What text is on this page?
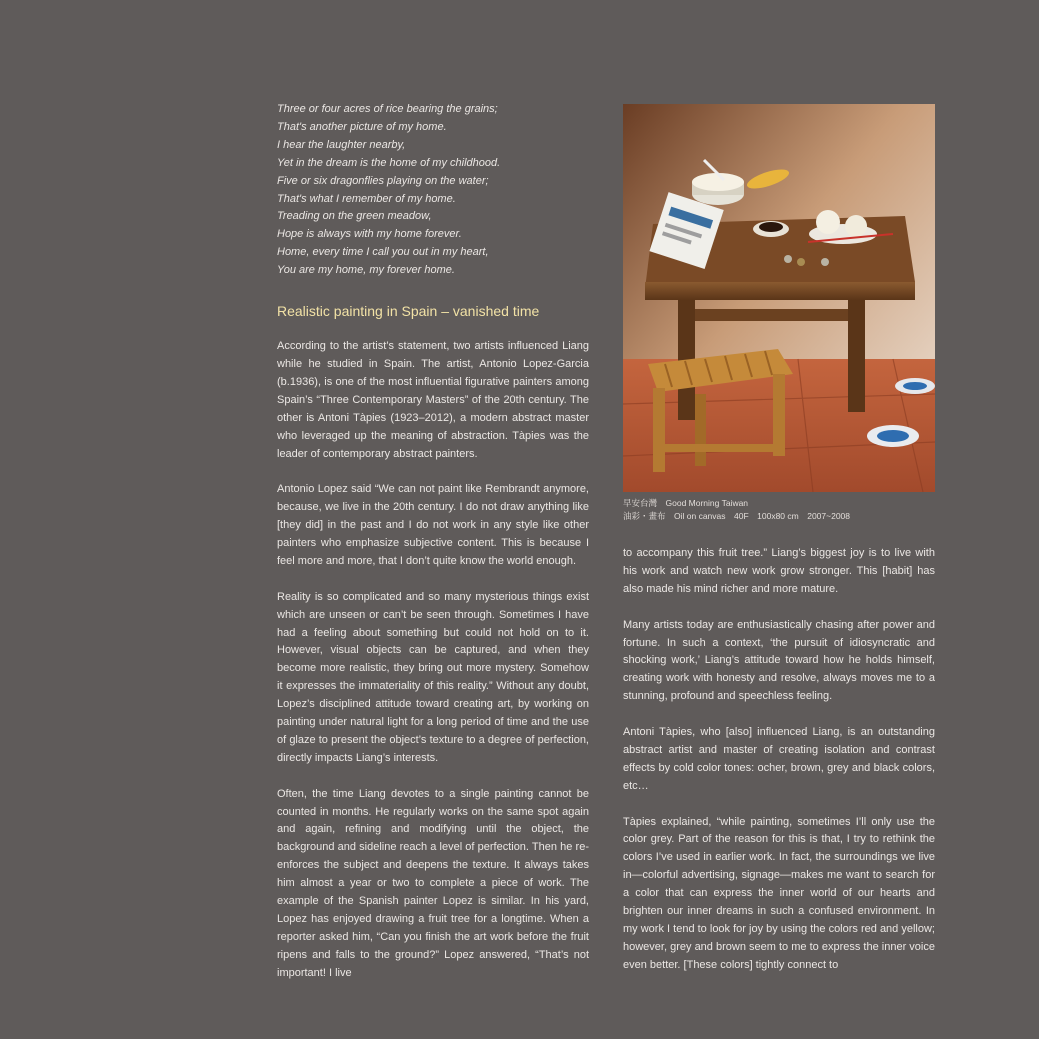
Three or four acres of rice bearing the grains;

That's another picture of my home.

I hear the laughter nearby,

Yet in the dream is the home of my childhood.

Five or six dragonflies playing on the water;

That's what I remember of my home.

Treading on the green meadow,

Hope is always with my home forever.

Home, every time I call you out in my heart,

You are my home, my forever home.

Realistic painting in Spain – vanished time

According to the artist’s statement, two artists influenced Liang while he studied in Spain. The artist, Antonio Lopez-Garcia (b.1936), is one of the most influential figurative painters among Spain’s “Three Contemporary Masters” of the 20th century. The other is Antoni Tàpies (1923–2012), a modern abstract master who leveraged up the meaning of abstraction. Tàpies was the leader of contemporary abstract painters.

Antonio Lopez said “We can not paint like Rembrandt anymore, because, we live in the 20th century. I do not draw anything like [they did] in the past and I do not work in any style like other painters who emphasize subjective content. This is because I feel more and more, that I don’t quite know the world enough.

Reality is so complicated and so many mysterious things exist which are unseen or can’t be seen through. Sometimes I have had a feeling about something but could not hold on to it. However, visual objects can be captured, and when they become more realistic, they bring out more mystery. Somehow it expresses the immateriality of this reality.” Without any doubt, Lopez’s disciplined attitude toward creating art, by working on painting under natural light for a long period of time and the use of glaze to present the object’s texture to a degree of perfection, directly impacts Liang’s interests.

Often, the time Liang devotes to a single painting cannot be counted in months. He regularly works on the same spot again and again, refining and modifying until the object, the background and sideline reach a level of perfection. Then he re-enforces the subject and deepens the texture. It always takes him almost a year or two to complete a piece of work. The example of the Spanish painter Lopez is similar. In his yard, Lopez has enjoyed drawing a fruit tree for a longtime. When a reporter asked him, “Can you finish the art work before the fruit ripens and falls to the ground?” Lopez answered, “That’s not important! I live

早安台灣　Good Morning Taiwan
油彩・畫布　Oil on canvas　40F　100x80 cm　2007~2008

to accompany this fruit tree.” Liang’s biggest joy is to live with his work and watch new work grow stronger. This [habit] has also made his mind richer and more mature.

Many artists today are enthusiastically chasing after power and fortune. In such a context, ‘the pursuit of idiosyncratic and shocking work,’ Liang’s attitude toward how he holds himself, creating work with honesty and resolve, always moves me to a stunning, profound and speechless feeling.

Antoni Tàpies, who [also] influenced Liang, is an outstanding abstract artist and master of creating isolation and contrast effects by cold color tones: ocher, brown, grey and black colors, etc…

Tàpies explained, “while painting, sometimes I’ll only use the color grey. Part of the reason for this is that, I try to rethink the colors I’ve used in earlier work. In fact, the surroundings we live in—colorful advertising, signage—makes me want to search for a color that can express the inner world of our hearts and brighten our inner dreams in such a confused environment. In my work I tend to look for joy by using the colors red and yellow; however, grey and brown seem to me to express the inner voice even better. [These colors] tightly connect to
